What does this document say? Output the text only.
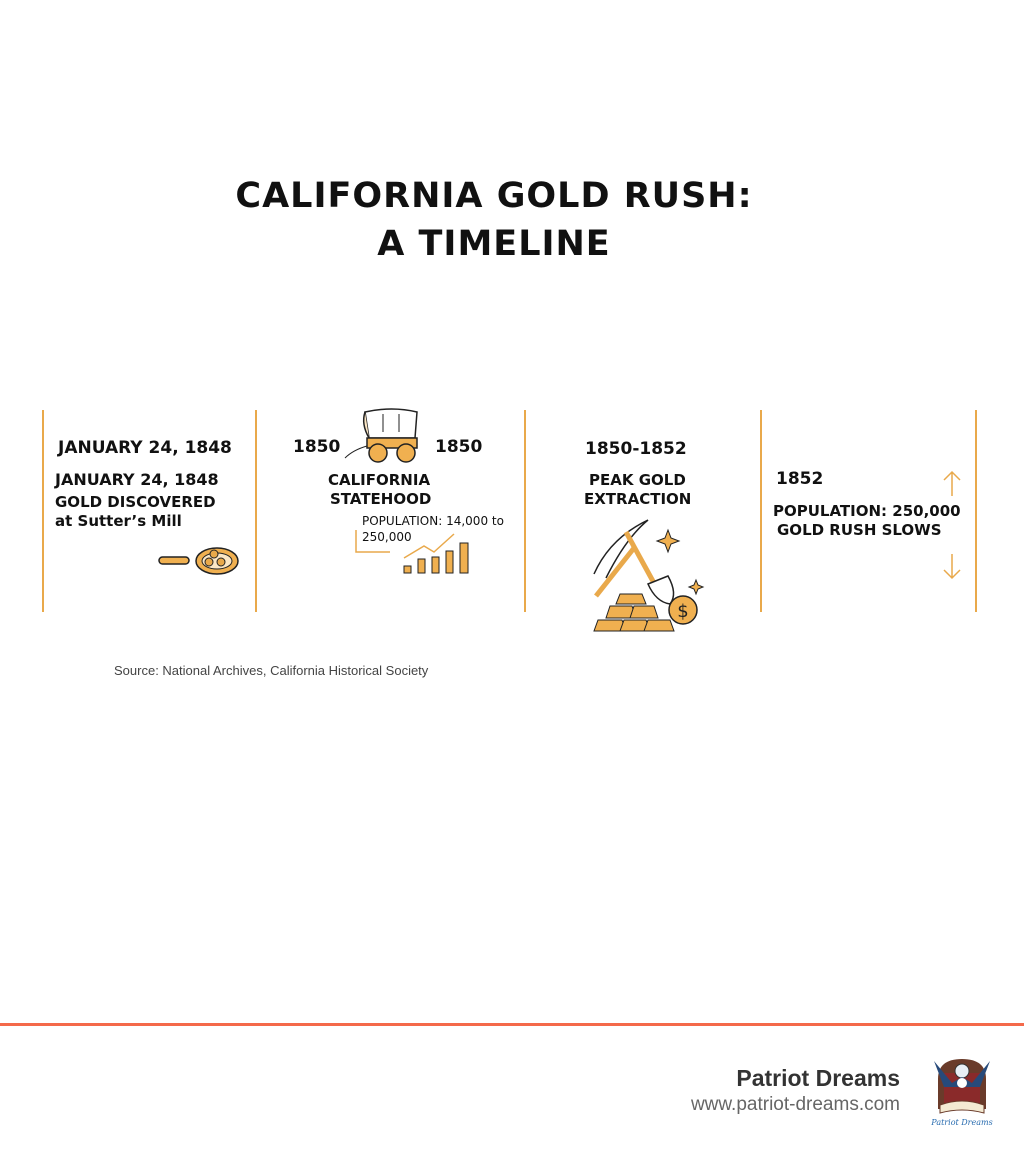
CALIFORNIA GOLD RUSH:
A TIMELINE
JANUARY 24, 1848
JANUARY 24, 1848
GOLD DISCOVERED
at Sutter’s Mill
1850	1850
CALIFORNIA
STATEHOOD
POPULATION: 14,000 to
250,000
1850-1852
PEAK GOLD
EXTRACTION
$
1852
POPULATION: 250,000
GOLD RUSH SLOWS
Source: National Archives, California Historical Society
Patriot Dreams
www.patriot-dreams.com
Patriot Dreams
